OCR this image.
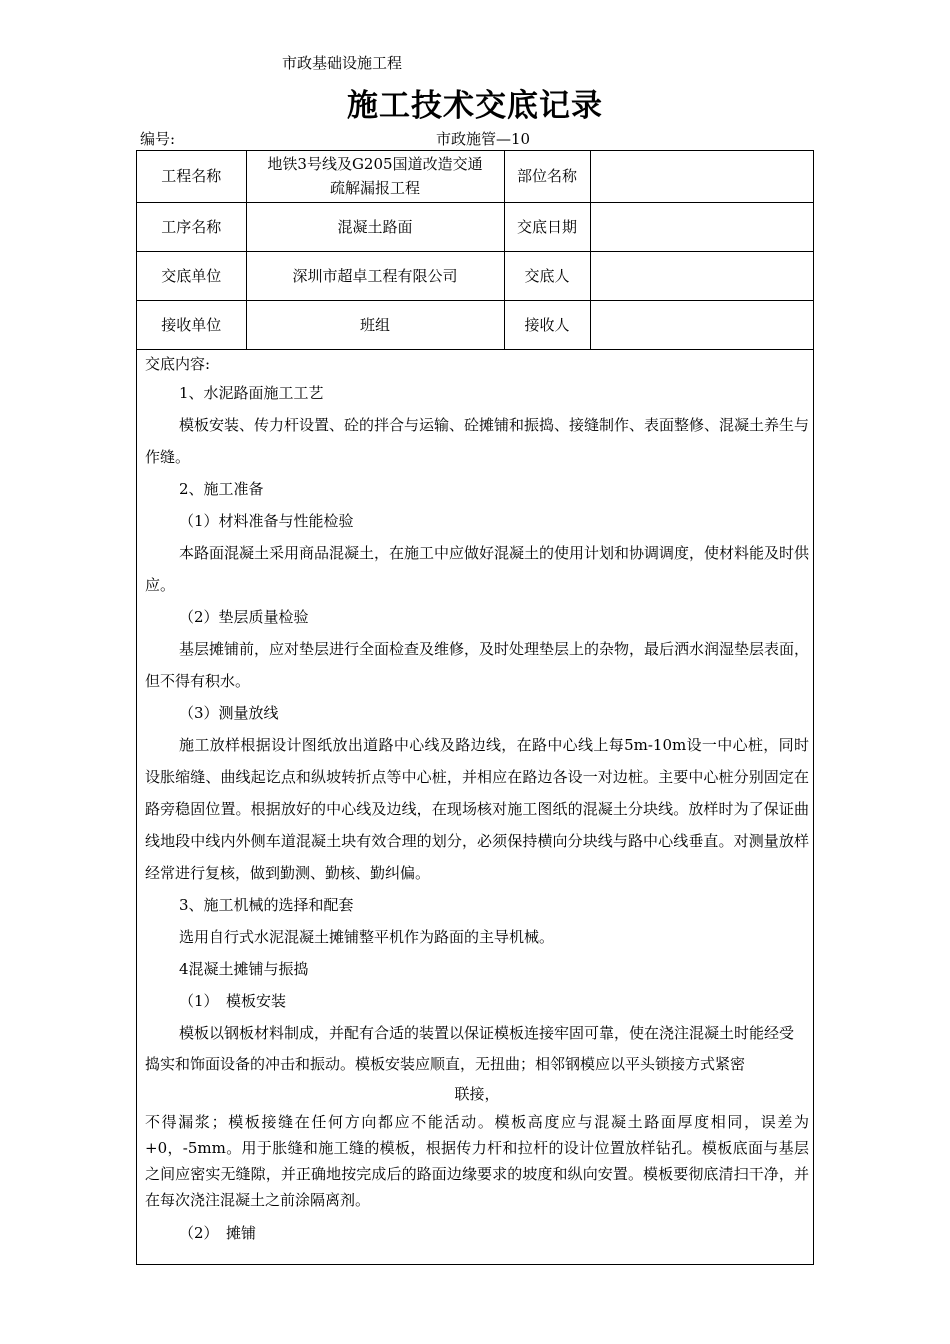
市政基础设施工程
施工技术交底记录
编号:	市政施管—10
工程名称	地铁3号线及G205国道改造交通疏解漏报工程	部位名称	
工序名称	混凝土路面	交底日期	
交底单位	深圳市超卓工程有限公司	交底人	
接收单位	班组	接收人	

交底内容:

1、水泥路面施工工艺

模板安装、传力杆设置、砼的拌合与运输、砼摊铺和振捣、接缝制作、表面整修、混凝土养生与作缝。

2、施工准备

（1）材料准备与性能检验

本路面混凝土采用商品混凝土，在施工中应做好混凝土的使用计划和协调调度，使材料能及时供应。

（2）垫层质量检验

基层摊铺前，应对垫层进行全面检查及维修，及时处理垫层上的杂物，最后洒水润湿垫层表面，但不得有积水。

（3）测量放线

施工放样根据设计图纸放出道路中心线及路边线，在路中心线上每5m-10m设一中心桩，同时设胀缩缝、曲线起讫点和纵坡转折点等中心桩，并相应在路边各设一对边桩。主要中心桩分别固定在路旁稳固位置。根据放好的中心线及边线，在现场核对施工图纸的混凝土分块线。放样时为了保证曲线地段中线内外侧车道混凝土块有效合理的划分，必须保持横向分块线与路中心线垂直。对测量放样经常进行复核，做到勤测、勤核、勤纠偏。

3、施工机械的选择和配套

选用自行式水泥混凝土摊铺整平机作为路面的主导机械。

4混凝土摊铺与振捣

（1）　模板安装

模板以钢板材料制成，并配有合适的装置以保证模板连接牢固可靠，使在浇注混凝土时能经受

捣实和饰面设备的冲击和振动。模板安装应顺直，无扭曲；相邻钢模应以平头锁接方式紧密

联接，

不得漏浆；模板接缝在任何方向都应不能活动。模板高度应与混凝土路面厚度相同，误差为+0，-5mm。用于胀缝和施工缝的模板，根据传力杆和拉杆的设计位置放样钻孔。模板底面与基层之间应密实无缝隙，并正确地按完成后的路面边缘要求的坡度和纵向安置。模板要彻底清扫干净，并在每次浇注混凝土之前涂隔离剂。

（2）　摊铺
